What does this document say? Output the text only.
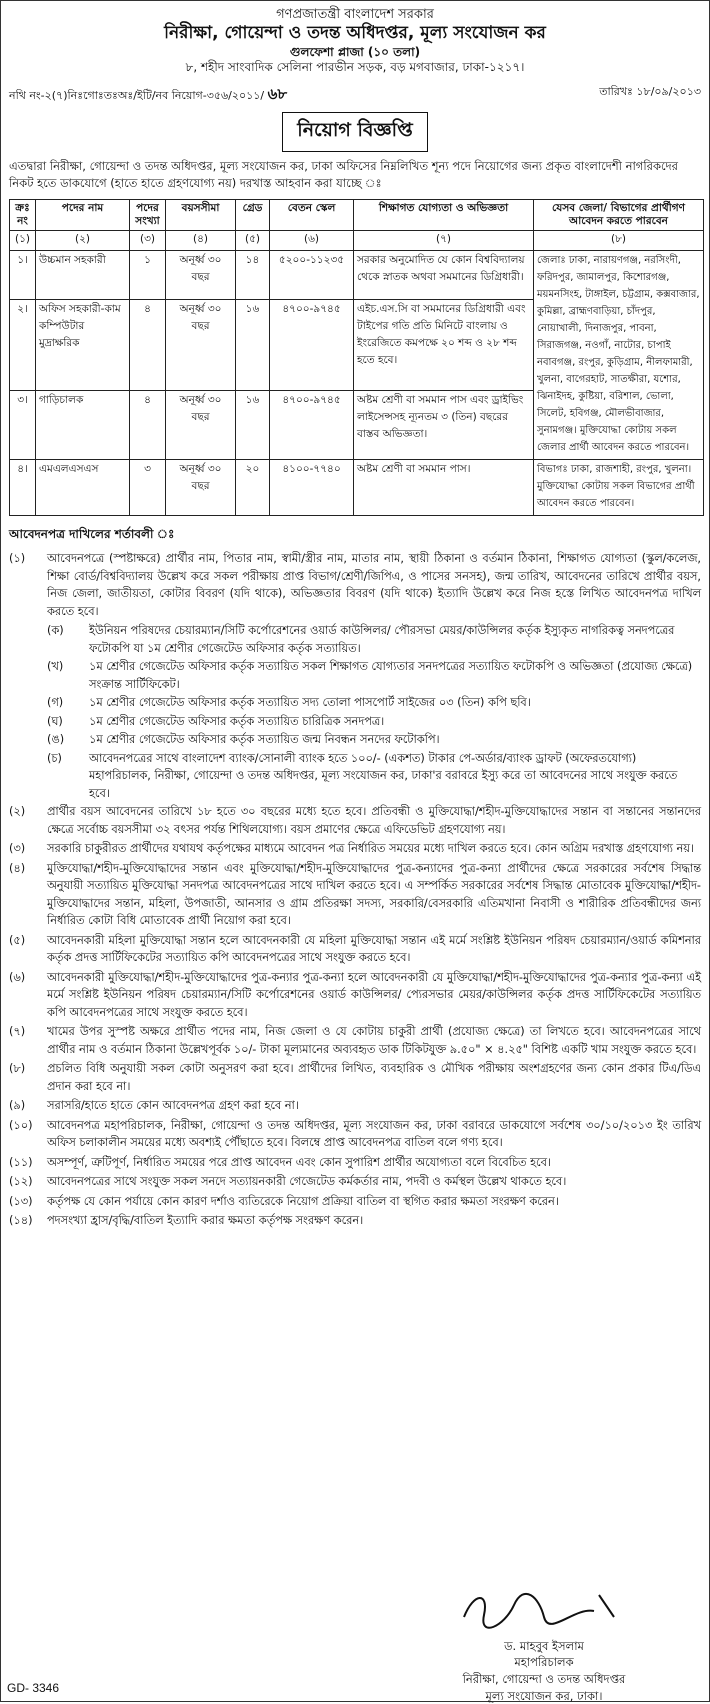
গণপ্রজাতন্ত্রী বাংলাদেশ সরকার
নিরীক্ষা, গোয়েন্দা ও তদন্ত অধিদপ্তর, মূল্য সংযোজন কর
গুলফেশা প্লাজা (১০ তলা)
৮, শহীদ সাংবাদিক সেলিনা পারভীন সড়ক, বড় মগবাজার, ঢাকা-১২১৭।
নথি নং-২(৭)নিঃগোঃতঃঅঃ/ইটি/নব নিয়োগ-৩৫৬/২০১১/ ৬৮	তারিখঃ ১৮/০৯/২০১৩
নিয়োগ বিজ্ঞপ্তি

এতদ্বারা নিরীক্ষা, গোয়েন্দা ও তদন্ত অধিদপ্তর, মূল্য সংযোজন কর, ঢাকা অফিসের নিম্নলিখিত শূন্য পদে নিয়োগের জন্য প্রকৃত বাংলাদেশী নাগরিকদের নিকট হতে ডাকযোগে (হাতে হাতে গ্রহণযোগ্য নয়) দরখাস্ত আহবান করা যাচ্ছে ঃ

ক্রঃ নং	পদের নাম	পদের সংখ্যা	বয়সসীমা	গ্রেড	বেতন স্কেল	শিক্ষাগত যোগ্যতা ও অভিজ্ঞতা	যেসব জেলা/ বিভাগের প্রার্থীগণ আবেদন করতে পারবেন
(১)	(২)	(৩)	(৪)	(৫)	(৬)	(৭)	(৮)
১।	উচ্চমান সহকারী	১	অনূর্ধ্ব ৩০ বছর	১৪	৫২০০-১১২৩৫	সরকার অনুমোদিত যে কোন বিশ্ববিদ্যালয় থেকে স্নাতক অথবা সমমানের ডিগ্রিধারী।	জেলাঃ ঢাকা, নারায়ণগঞ্জ, নরসিংদী, ফরিদপুর, জামালপুর, কিশোরগঞ্জ, ময়মনসিংহ, টাঙ্গাইল, চট্টগ্রাম, কক্সবাজার, কুমিল্লা, ব্রাহ্মণবাড়িয়া, চাঁদপুর, নোয়াখালী, দিনাজপুর, পাবনা, সিরাজগঞ্জ, নওগাঁ, নাটোর, চাপাই নবাবগঞ্জ, রংপুর, কুড়িগ্রাম, নীলফামারী, খুলনা, বাগেরহাট, সাতক্ষীরা, যশোর, ঝিনাইদহ, কুষ্টিয়া, বরিশাল, ভোলা, সিলেট, হবিগঞ্জ, মৌলভীবাজার, সুনামগঞ্জ। মুক্তিযোদ্ধা কোটায় সকল জেলার প্রার্থী আবেদন করতে পারবেন।
২।	অফিস সহকারী-কাম কম্পিউটার মুদ্রাক্ষরিক	৪	অনূর্ধ্ব ৩০ বছর	১৬	৪৭০০-৯৭৪৫	এইচ.এস.সি বা সমমানের ডিগ্রিধারী এবং টাইপের গতি প্রতি মিনিটে বাংলায় ও ইংরেজিতে কমপক্ষে ২০ শব্দ ও ২৮ শব্দ হতে হবে।	
৩।	গাড়িচালক	৪	অনূর্ধ্ব ৩০ বছর	১৬	৪৭০০-৯৭৪৫	অষ্টম শ্রেণী বা সমমান পাস এবং ড্রাইভিং লাইসেন্সসহ ন্যূনতম ৩ (তিন) বছরের বাস্তব অভিজ্ঞতা।	
৪।	এমএলএসএস	৩	অনূর্ধ্ব ৩০ বছর	২০	৪১০০-৭৭৪০	অষ্টম শ্রেণী বা সমমান পাস।	বিভাগঃ ঢাকা, রাজশাহী, রংপুর, খুলনা। মুক্তিযোদ্ধা কোটায় সকল বিভাগের প্রার্থী আবেদন করতে পারবেন।
আবেদনপত্র দাখিলের শর্তাবলী ঃ
(১)	আবেদনপত্রে (স্পষ্টাক্ষরে) প্রার্থীর নাম, পিতার নাম, স্বামী/স্ত্রীর নাম, মাতার নাম, স্থায়ী ঠিকানা ও বর্তমান ঠিকানা, শিক্ষাগত যোগ্যতা (স্কুল/কলেজ, শিক্ষা বোর্ড/বিশ্ববিদ্যালয় উল্লেখ করে সকল পরীক্ষায় প্রাপ্ত বিভাগ/শ্রেণী/জিপিএ, ও পাসের সনসহ), জন্ম তারিখ, আবেদনের তারিখে প্রার্থীর বয়স, নিজ জেলা, জাতীয়তা, কোটার বিবরণ (যদি থাকে), অভিজ্ঞতার বিবরণ (যদি থাকে) ইত্যাদি উল্লেখ করে নিজ হস্তে লিখিত আবেদনপত্র দাখিল করতে হবে।
(ক)	ইউনিয়ন পরিষদের চেয়ারম্যান/সিটি কর্পোরেশনের ওয়ার্ড কাউন্সিলর/ পৌরসভা মেয়র/কাউন্সিলর কর্তৃক ইস্যুকৃত নাগরিকত্ব সনদপত্রের ফটোকপি যা ১ম শ্রেণীর গেজেটেড অফিসার কর্তৃক সত্যায়িত।
(খ)	১ম শ্রেণীর গেজেটেড অফিসার কর্তৃক সত্যায়িত সকল শিক্ষাগত যোগ্যতার সনদপত্রের সত্যায়িত ফটোকপি ও অভিজ্ঞতা (প্রযোজ্য ক্ষেত্রে) সংক্রান্ত সার্টিফিকেট।
(গ)	১ম শ্রেণীর গেজেটেড অফিসার কর্তৃক সত্যায়িত সদ্য তোলা পাসপোর্ট সাইজের ০৩ (তিন) কপি ছবি।
(ঘ)	১ম শ্রেণীর গেজেটেড অফিসার কর্তৃক সত্যায়িত চারিত্রিক সনদপত্র।
(ঙ)	১ম শ্রেণীর গেজেটেড অফিসার কর্তৃক সত্যায়িত জন্ম নিবন্ধন সনদের ফটোকপি।
(চ)	আবেদনপত্রের সাথে বাংলাদেশ ব্যাংক/সোনালী ব্যাংক হতে ১০০/- (একশত) টাকার পে-অর্ডার/ব্যাংক ড্রাফট (অফেরতযোগ্য) মহাপরিচালক, নিরীক্ষা, গোয়েন্দা ও তদন্ত অধিদপ্তর, মূল্য সংযোজন কর, ঢাকা'র বরাবরে ইস্যু করে তা আবেদনের সাথে সংযুক্ত করতে হবে।
(২)	প্রার্থীর বয়স আবেদনের তারিখে ১৮ হতে ৩০ বছরের মধ্যে হতে হবে। প্রতিবন্ধী ও মুক্তিযোদ্ধা/শহীদ-মুক্তিযোদ্ধাদের সন্তান বা সন্তানের সন্তানদের ক্ষেত্রে সর্বোচ্চ বয়সসীমা ৩২ বৎসর পর্যন্ত শিথিলযোগ্য। বয়স প্রমাণের ক্ষেত্রে এফিডেভিট গ্রহণযোগ্য নয়।
(৩)	সরকারি চাকুরীরত প্রার্থীদের যথাযথ কর্তৃপক্ষের মাধ্যমে আবেদন পত্র নির্ধারিত সময়ের মধ্যে দাখিল করতে হবে। কোন অগ্রিম দরখাস্ত গ্রহণযোগ্য নয়।
(৪)	মুক্তিযোদ্ধা/শহীদ-মুক্তিযোদ্ধাদের সন্তান এবং মুক্তিযোদ্ধা/শহীদ-মুক্তিযোদ্ধাদের পুত্র-কন্যাদের পুত্র-কন্যা প্রার্থীদের ক্ষেত্রে সরকারের সর্বশেষ সিদ্ধান্ত অনুযায়ী সত্যায়িত মুক্তিযোদ্ধা সনদপত্র আবেদনপত্রের সাথে দাখিল করতে হবে। এ সম্পর্কিত সরকারের সর্বশেষ সিদ্ধান্ত মোতাবেক মুক্তিযোদ্ধা/শহীদ-মুক্তিযোদ্ধাদের সন্তান, মহিলা, উপজাতী, আনসার ও গ্রাম প্রতিরক্ষা সদস্য, সরকারি/বেসরকারি এতিমখানা নিবাসী ও শারীরিক প্রতিবন্ধীদের জন্য নির্ধারিত কোটা বিধি মোতাবেক প্রার্থী নিয়োগ করা হবে।
(৫)	আবেদনকারী মহিলা মুক্তিযোদ্ধা সন্তান হলে আবেদনকারী যে মহিলা মুক্তিযোদ্ধা সন্তান এই মর্মে সংশ্লিষ্ট ইউনিয়ন পরিষদ চেয়ারম্যান/ওয়ার্ড কমিশনার কর্তৃক প্রদত্ত সার্টিফিকেটের সত্যায়িত কপি আবেদনপত্রের সাথে সংযুক্ত করতে হবে।
(৬)	আবেদনকারী মুক্তিযোদ্ধা/শহীদ-মুক্তিযোদ্ধাদের পুত্র-কন্যার পুত্র-কন্যা হলে আবেদনকারী যে মুক্তিযোদ্ধা/শহীদ-মুক্তিযোদ্ধাদের পুত্র-কন্যার পুত্র-কন্যা এই মর্মে সংশ্লিষ্ট ইউনিয়ন পরিষদ চেয়ারম্যান/সিটি কর্পোরেশনের ওয়ার্ড কাউন্সিলর/ প্যেরসভার মেয়র/কাউন্সিলর কর্তৃক প্রদত্ত সার্টিফিকেটের সত্যায়িত কপি আবেদনপত্রের সাথে সংযুক্ত করতে হবে।
(৭)	খামের উপর সুস্পষ্ট অক্ষরে প্রার্থীত পদের নাম, নিজ জেলা ও যে কোটায় চাকুরী প্রার্থী (প্রযোজ্য ক্ষেত্রে) তা লিখতে হবে। আবেদনপত্রের সাথে প্রার্থীর নাম ও বর্তমান ঠিকানা উল্লেখপূর্বক ১০/- টাকা মূল্যমানের অব্যবহৃত ডাক টিকিটযুক্ত ৯.৫০" × ৪.২৫" বিশিষ্ট একটি খাম সংযুক্ত করতে হবে।
(৮)	প্রচলিত বিধি অনুযায়ী সকল কোটা অনুসরণ করা হবে। প্রার্থীদের লিখিত, ব্যবহারিক ও মৌখিক পরীক্ষায় অংশগ্রহণের জন্য কোন প্রকার টিএ/ডিএ প্রদান করা হবে না।
(৯)	সরাসরি/হাতে হাতে কোন আবেদনপত্র গ্রহণ করা হবে না।
(১০)	আবেদনপত্র মহাপরিচালক, নিরীক্ষা, গোয়েন্দা ও তদন্ত অধিদপ্তর, মূল্য সংযোজন কর, ঢাকা বরাবরে ডাকযোগে সর্বশেষ ৩০/১০/২০১৩ ইং তারিখ অফিস চলাকালীন সময়ের মধ্যে অবশ্যই পৌঁছাতে হবে। বিলম্বে প্রাপ্ত আবেদনপত্র বাতিল বলে গণ্য হবে।
(১১)	অসম্পূর্ণ, ত্রুটিপূর্ণ, নির্ধারিত সময়ের পরে প্রাপ্ত আবেদন এবং কোন সুপারিশ প্রার্থীর অযোগ্যতা বলে বিবেচিত হবে।
(১২)	আবেদনপত্রের সাথে সংযুক্ত সকল সনদে সত্যায়নকারী গেজেটেড কর্মকর্তার নাম, পদবী ও কর্মস্থল উল্লেখ থাকতে হবে।
(১৩)	কর্তৃপক্ষ যে কোন পর্যায়ে কোন কারণ দর্শাও ব্যতিরেকে নিয়োগ প্রক্রিয়া বাতিল বা স্থগিত করার ক্ষমতা সংরক্ষণ করেন।
(১৪)	পদসংখ্যা হ্রাস/বৃদ্ধি/বাতিল ইত্যাদি করার ক্ষমতা কর্তৃপক্ষ সংরক্ষণ করেন।
ড. মাহবুব ইসলাম
মহাপরিচালক
নিরীক্ষা, গোয়েন্দা ও তদন্ত অধিদপ্তর
মূল্য সংযোজন কর, ঢাকা।
GD- 3346
